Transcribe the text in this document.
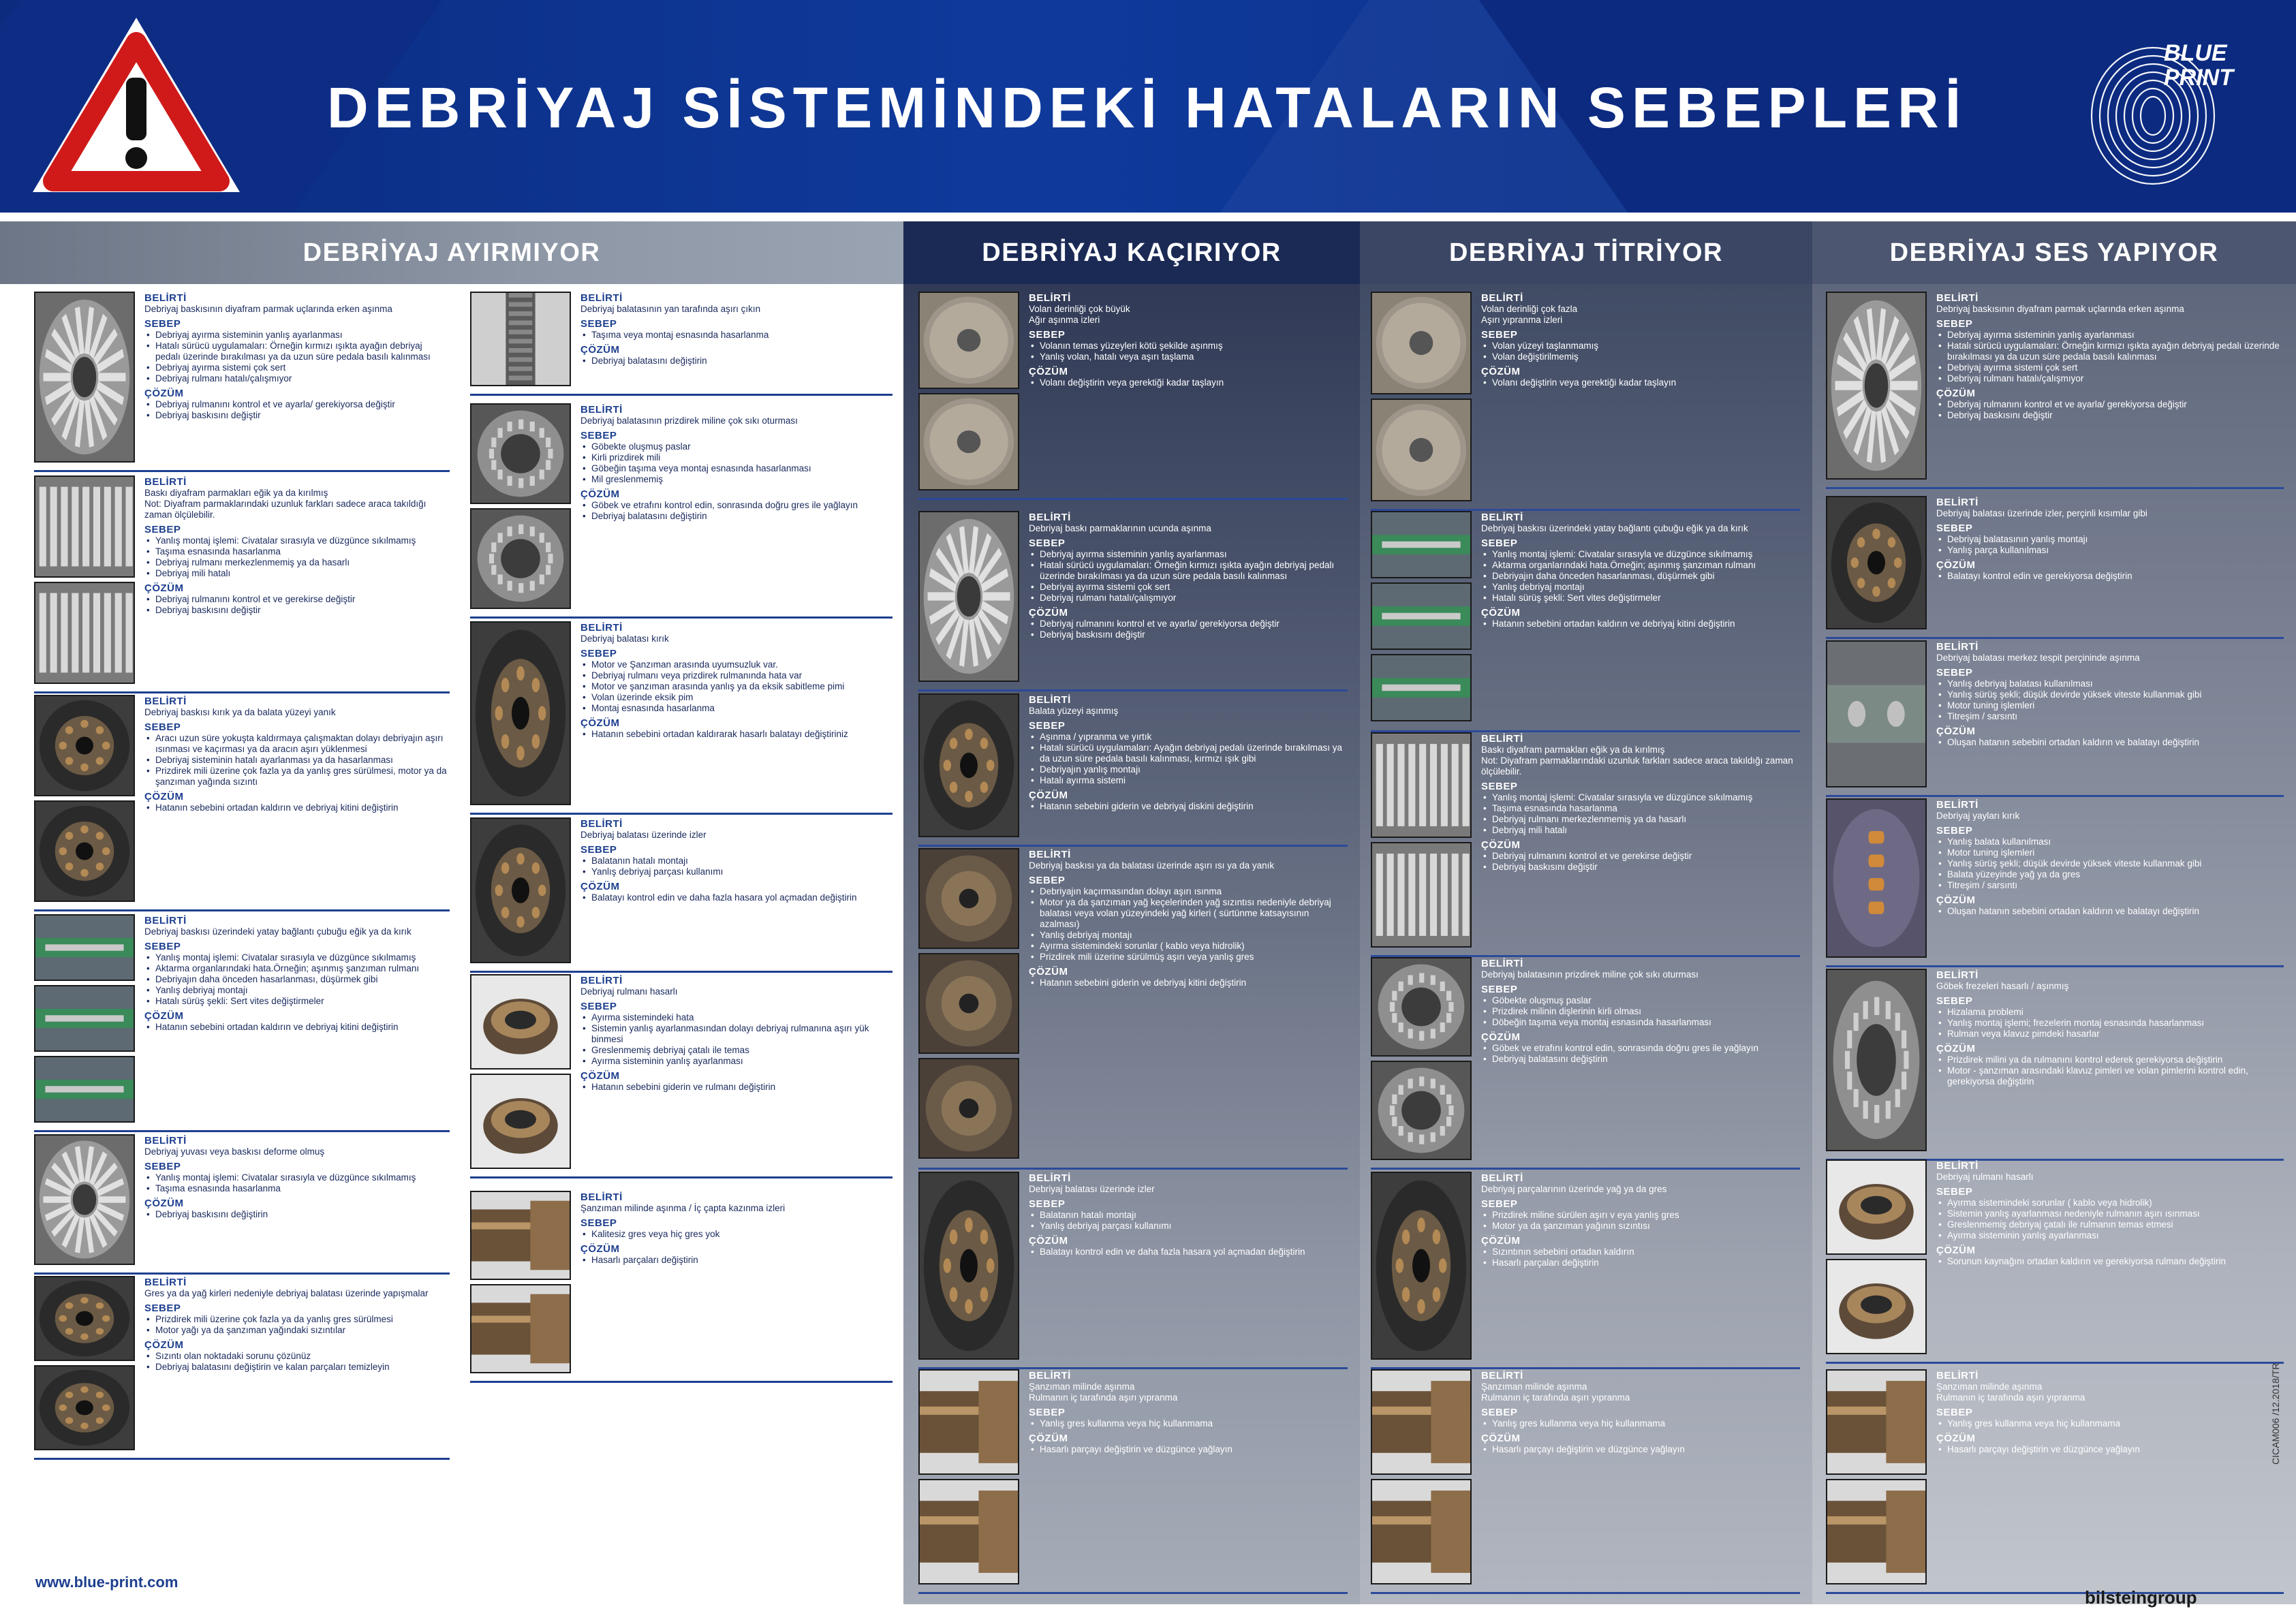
DEBRİYAJ SİSTEMİNDEKİ HATALARIN SEBEPLERİ
BLUE PRINT
DEBRİYAJ AYIRMIYOR	DEBRİYAJ KAÇIRIYOR	DEBRİYAJ TİTRİYOR	DEBRİYAJ SES YAPIYOR
BELİRTİ
Debriyaj baskısının diyafram parmak uçlarında erken aşınma
SEBEP
• Debriyaj ayırma sisteminin yanlış ayarlanması
• Hatalı sürücü uygulamaları: Örneğin kırmızı ışıkta ayağın debriyaj pedalı üzerinde bırakılması ya da uzun süre pedala basılı kalınması
• Debriyaj ayırma sistemi çok sert
• Debriyaj rulmanı hatalı/çalışmıyor
ÇÖZÜM
• Debriyaj rulmanını kontrol et ve ayarla/ gerekiyorsa değiştir
• Debriyaj baskısını değiştir
BELİRTİ
Baskı diyafram parmakları eğik ya da kırılmış
Not: Diyafram parmaklarındaki uzunluk farkları sadece araca takıldığı zaman ölçülebilir.
SEBEP
• Yanlış montaj işlemi: Civatalar sırasıyla ve düzgünce sıkılmamış
• Taşıma esnasında hasarlanma
• Debriyaj rulmanı merkezlenmemiş ya da hasarlı
• Debriyaj mili hatalı
ÇÖZÜM
• Debriyaj rulmanını kontrol et ve gerekirse değiştir
• Debriyaj baskısını değiştir
BELİRTİ
Debriyaj baskısı kırık ya da balata yüzeyi yanık
SEBEP
• Aracı uzun süre yokuşta kaldırmaya çalışmaktan dolayı debriyajın aşırı ısınması ve kaçırması ya da aracın aşırı yüklenmesi
• Debriyaj sisteminin hatalı ayarlanması ya da hasarlanması
• Prizdirek mili üzerine çok fazla ya da yanlış gres sürülmesi, motor ya da şanzıman yağında sızıntı
ÇÖZÜM
• Hatanın sebebini ortadan kaldırın ve debriyaj kitini değiştirin
BELİRTİ
Debriyaj baskısı üzerindeki yatay bağlantı çubuğu eğik ya da kırık
SEBEP
• Yanlış montaj işlemi: Civatalar sırasıyla ve düzgünce sıkılmamış
• Aktarma organlarındaki hata.Örneğin; aşınmış şanzıman rulmanı
• Debriyajın daha önceden hasarlanması, düşürmek gibi
• Yanlış debriyaj montajı
• Hatalı sürüş şekli: Sert vites değiştirmeler
ÇÖZÜM
• Hatanın sebebini ortadan kaldırın ve debriyaj kitini değiştirin
BELİRTİ
Debriyaj yuvası veya baskısı deforme olmuş
SEBEP
• Yanlış montaj işlemi: Civatalar sırasıyla ve düzgünce sıkılmamış
• Taşıma esnasında hasarlanma
ÇÖZÜM
• Debriyaj baskısını değiştirin
BELİRTİ
Gres ya da yağ kirleri nedeniyle debriyaj balatası üzerinde yapışmalar
SEBEP
• Prizdirek mili üzerine çok fazla ya da yanlış gres sürülmesi
• Motor yağı ya da şanzıman yağındaki sızıntılar
ÇÖZÜM
• Sızıntı olan noktadaki sorunu çözünüz
• Debriyaj balatasını değiştirin ve kalan parçaları temizleyin
BELİRTİ
Debriyaj balatasının yan tarafında aşırı çıkın
SEBEP
• Taşıma veya montaj esnasında hasarlanma
ÇÖZÜM
• Debriyaj balatasını değiştirin
BELİRTİ
Debriyaj balatasının prizdirek miline çok sıkı oturması
SEBEP
• Göbekte oluşmuş paslar
• Kirli prizdirek mili
• Göbeğin taşıma veya montaj esnasında hasarlanması
• Mil greslenmemiş
ÇÖZÜM
• Göbek ve etrafını kontrol edin, sonrasında doğru gres ile yağlayın
• Debriyaj balatasını değiştirin
BELİRTİ
Debriyaj balatası kırık
SEBEP
• Motor ve Şanzıman arasında uyumsuzluk var.
• Debriyaj rulmanı veya prizdirek rulmanında hata var
• Motor ve şanzıman arasında yanlış ya da eksik sabitleme pimi
• Volan üzerinde eksik pim
• Montaj esnasında hasarlanma
ÇÖZÜM
• Hatanın sebebini ortadan kaldırarak hasarlı balatayı değiştiriniz
BELİRTİ
Debriyaj balatası üzerinde izler
SEBEP
• Balatanın hatalı montajı
• Yanlış debriyaj parçası kullanımı
ÇÖZÜM
• Balatayı kontrol edin ve daha fazla hasara yol açmadan değiştirin
BELİRTİ
Debriyaj rulmanı hasarlı
SEBEP
• Ayırma sistemindeki hata
• Sistemin yanlış ayarlanmasından dolayı debriyaj rulmanına aşırı yük binmesi
• Greslenmemiş debriyaj çatalı ile temas
• Ayırma sisteminin yanlış ayarlanması
ÇÖZÜM
• Hatanın sebebini giderin ve rulmanı değiştirin
BELİRTİ
Şanzıman milinde aşınma / İç çapta kazınma izleri
SEBEP
• Kalitesiz gres veya hiç gres yok
ÇÖZÜM
• Hasarlı parçaları değiştirin
BELİRTİ
Volan derinliği çok büyük
Ağır aşınma izleri
SEBEP
• Volanın temas yüzeyleri kötü şekilde aşınmış
• Yanlış volan, hatalı veya aşırı taşlama
ÇÖZÜM
• Volanı değiştirin veya gerektiği kadar taşlayın
BELİRTİ
Debriyaj baskı parmaklarının ucunda aşınma
SEBEP
• Debriyaj ayırma sisteminin yanlış ayarlanması
• Hatalı sürücü uygulamaları: Örneğin kırmızı ışıkta ayağın debriyaj pedalı üzerinde bırakılması ya da uzun süre pedala basılı kalınması
• Debriyaj ayırma sistemi çok sert
• Debriyaj rulmanı hatalı/çalışmıyor
ÇÖZÜM
• Debriyaj rulmanını kontrol et ve ayarla/ gerekiyorsa değiştir
• Debriyaj baskısını değiştir
BELİRTİ
Balata yüzeyi aşınmış
SEBEP
• Aşınma / yıpranma ve yırtık
• Hatalı sürücü uygulamaları: Ayağın debriyaj pedalı üzerinde bırakılması ya da uzun süre pedala basılı kalınması, kırmızı ışık gibi
• Debriyajın yanlış montajı
• Hatalı ayırma sistemi
ÇÖZÜM
• Hatanın sebebini giderin ve debriyaj diskini değiştirin
BELİRTİ
Debriyaj baskısı ya da balatası üzerinde aşırı ısı ya da yanık
SEBEP
• Debriyajın kaçırmasından dolayı aşırı ısınma
• Motor ya da şanzıman yağ keçelerinden yağ sızıntısı nedeniyle debriyaj balatası veya volan yüzeyindeki yağ kirleri ( sürtünme katsayısının azalması)
• Yanlış debriyaj montajı
• Ayırma sistemindeki sorunlar ( kablo veya hidrolik)
• Prizdirek mili üzerine sürülmüş aşırı veya yanlış gres
ÇÖZÜM
• Hatanın sebebini giderin ve debriyaj kitini değiştirin
BELİRTİ
Debriyaj balatası üzerinde izler
SEBEP
• Balatanın hatalı montajı
• Yanlış debriyaj parçası kullanımı
ÇÖZÜM
• Balatayı kontrol edin ve daha fazla hasara yol açmadan değiştirin
BELİRTİ
Şanzıman milinde aşınma
Rulmanın iç tarafında aşırı yıpranma
SEBEP
• Yanlış gres kullanma veya hiç kullanmama
ÇÖZÜM
• Hasarlı parçayı değiştirin ve düzgünce yağlayın
BELİRTİ
Volan derinliği çok fazla
Aşırı yıpranma izleri
SEBEP
• Volan yüzeyi taşlanmamış
• Volan değiştirilmemiş
ÇÖZÜM
• Volanı değiştirin veya gerektiği kadar taşlayın
BELİRTİ
Debriyaj baskısı üzerindeki yatay bağlantı çubuğu eğik ya da kırık
SEBEP
• Yanlış montaj işlemi: Civatalar sırasıyla ve düzgünce sıkılmamış
• Aktarma organlarındaki hata.Örneğin; aşınmış şanzıman rulmanı
• Debriyajın daha önceden hasarlanması, düşürmek gibi
• Yanlış debriyaj montajı
• Hatalı sürüş şekli: Sert vites değiştirmeler
ÇÖZÜM
• Hatanın sebebini ortadan kaldırın ve debriyaj kitini değiştirin
BELİRTİ
Baskı diyafram parmakları eğik ya da kırılmış
Not: Diyafram parmaklarındaki uzunluk farkları sadece araca takıldığı zaman ölçülebilir.
SEBEP
• Yanlış montaj işlemi: Civatalar sırasıyla ve düzgünce sıkılmamış
• Taşıma esnasında hasarlanma
• Debriyaj rulmanı merkezlenmemiş ya da hasarlı
• Debriyaj mili hatalı
ÇÖZÜM
• Debriyaj rulmanını kontrol et ve gerekirse değiştir
• Debriyaj baskısını değiştir
BELİRTİ
Debriyaj balatasının prizdirek miline çok sıkı oturması
SEBEP
• Göbekte oluşmuş paslar
• Prizdirek milinin dişlerinin kirli olması
• Döbeğin taşıma veya montaj esnasında hasarlanması
ÇÖZÜM
• Göbek ve etrafını kontrol edin, sonrasında doğru gres ile yağlayın
• Debriyaj balatasını değiştirin
BELİRTİ
Debriyaj parçalarının üzerinde yağ ya da gres
SEBEP
• Prizdirek miline sürülen aşırı v eya yanlış gres
• Motor ya da şanzıman yağının sızıntısı
ÇÖZÜM
• Sızıntının sebebini ortadan kaldırın
• Hasarlı parçaları değiştirin
BELİRTİ
Şanzıman milinde aşınma
Rulmanın iç tarafında aşırı yıpranma
SEBEP
• Yanlış gres kullanma veya hiç kullanmama
ÇÖZÜM
• Hasarlı parçayı değiştirin ve düzgünce yağlayın
BELİRTİ
Debriyaj baskısının diyafram parmak uçlarında erken aşınma
SEBEP
• Debriyaj ayırma sisteminin yanlış ayarlanması
• Hatalı sürücü uygulamaları: Örneğin kırmızı ışıkta ayağın debriyaj pedalı üzerinde bırakılması ya da uzun süre pedala basılı kalınması
• Debriyaj ayırma sistemi çok sert
• Debriyaj rulmanı hatalı/çalışmıyor
ÇÖZÜM
• Debriyaj rulmanını kontrol et ve ayarla/ gerekiyorsa değiştir
• Debriyaj baskısını değiştir
BELİRTİ
Debriyaj balatası üzerinde izler, perçinli kısımlar gibi
SEBEP
• Debriyaj balatasının yanlış montajı
• Yanlış parça kullanılması
ÇÖZÜM
• Balatayı kontrol edin ve gerekiyorsa değiştirin
BELİRTİ
Debriyaj balatası merkez tespit perçininde aşınma
SEBEP
• Yanlış debriyaj balatası kullanılması
• Yanlış sürüş şekli; düşük devirde yüksek viteste kullanmak gibi
• Motor tuning işlemleri
• Titreşim / sarsıntı
ÇÖZÜM
• Oluşan hatanın sebebini ortadan kaldırın ve balatayı değiştirin
BELİRTİ
Debriyaj yayları kırık
SEBEP
• Yanlış balata kullanılması
• Motor tuning işlemleri
• Yanlış sürüş şekli; düşük devirde yüksek viteste kullanmak gibi
• Balata yüzeyinde yağ ya da gres
• Titreşim / sarsıntı
ÇÖZÜM
• Oluşan hatanın sebebini ortadan kaldırın ve balatayı değiştirin
BELİRTİ
Göbek frezeleri hasarlı / aşınmış
SEBEP
• Hizalama problemi
• Yanlış montaj işlemi; frezelerin montaj esnasında hasarlanması
• Rulman veya klavuz pimdeki hasarlar
ÇÖZÜM
• Prizdirek milini ya da rulmanını kontrol ederek gerekiyorsa değiştirin
• Motor - şanzıman arasındaki klavuz pimleri ve volan pimlerini kontrol edin, gerekiyorsa değiştirin
BELİRTİ
Debriyaj rulmanı hasarlı
SEBEP
• Ayırma sistemindeki sorunlar ( kablo veya hidrolik)
• Sistemin yanlış ayarlanması nedeniyle rulmanın aşırı ısınması
• Greslenmemiş debriyaj çatalı ile rulmanın temas etmesi
• Ayırma sisteminin yanlış ayarlanması
ÇÖZÜM
• Sorunun kaynağını ortadan kaldırın ve gerekiyorsa rulmanı değiştirin
BELİRTİ
Şanzıman milinde aşınma
Rulmanın iç tarafında aşırı yıpranma
SEBEP
• Yanlış gres kullanma veya hiç kullanmama
ÇÖZÜM
• Hasarlı parçayı değiştirin ve düzgünce yağlayın
www.blue-print.com
bilsteingroup
CICAM006 /12.2018/TR
